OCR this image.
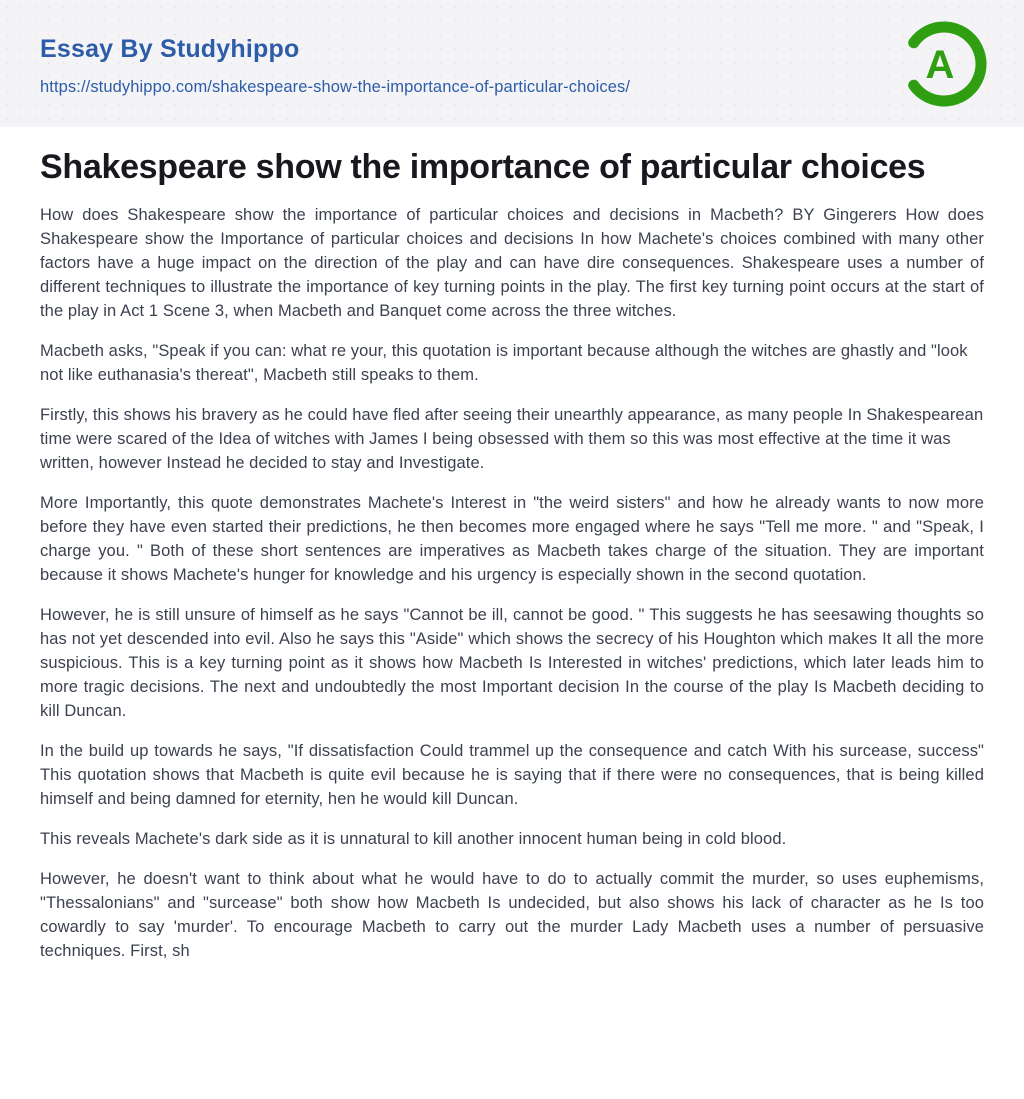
Essay By Studyhippo
https://studyhippo.com/shakespeare-show-the-importance-of-particular-choices/	A
Shakespeare show the importance of particular choices

How does Shakespeare show the importance of particular choices and decisions in Macbeth? BY Gingerers How does Shakespeare show the Importance of particular choices and decisions In how Machete's choices combined with many other factors have a huge impact on the direction of the play and can have dire consequences. Shakespeare uses a number of different techniques to illustrate the importance of key turning points in the play. The first key turning point occurs at the start of the play in Act 1 Scene 3, when Macbeth and Banquet come across the three witches.

Macbeth asks, "Speak if you can: what re your, this quotation is important because although the witches are ghastly and "look not like euthanasia's thereat", Macbeth still speaks to them.

Firstly, this shows his bravery as he could have fled after seeing their unearthly appearance, as many people In Shakespearean time were scared of the Idea of witches with James I being obsessed with them so this was most effective at the time it was written, however Instead he decided to stay and Investigate.

More Importantly, this quote demonstrates Machete's Interest in "the weird sisters" and how he already wants to now more before they have even started their predictions, he then becomes more engaged where he says "Tell me more. " and "Speak, I charge you. " Both of these short sentences are imperatives as Macbeth takes charge of the situation. They are important because it shows Machete's hunger for knowledge and his urgency is especially shown in the second quotation.

However, he is still unsure of himself as he says "Cannot be ill, cannot be good. " This suggests he has seesawing thoughts so has not yet descended into evil. Also he says this "Aside" which shows the secrecy of his Houghton which makes It all the more suspicious. This is a key turning point as it shows how Macbeth Is Interested in witches' predictions, which later leads him to more tragic decisions. The next and undoubtedly the most Important decision In the course of the play Is Macbeth deciding to kill Duncan.

In the build up towards he says, "If dissatisfaction Could trammel up the consequence and catch With his surcease, success" This quotation shows that Macbeth is quite evil because he is saying that if there were no consequences, that is being killed himself and being damned for eternity, hen he would kill Duncan.

This reveals Machete's dark side as it is unnatural to kill another innocent human being in cold blood.

However, he doesn't want to think about what he would have to do to actually commit the murder, so uses euphemisms, "Thessalonians" and "surcease" both show how Macbeth Is undecided, but also shows his lack of character as he Is too cowardly to say 'murder'. To encourage Macbeth to carry out the murder Lady Macbeth uses a number of persuasive techniques. First, sh
